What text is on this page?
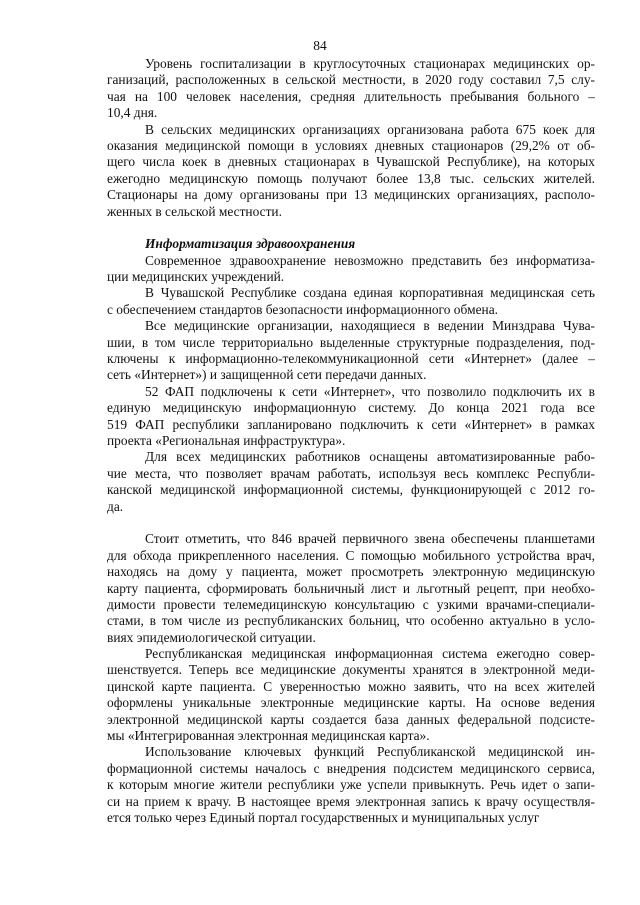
84
Уровень госпитализации в круглосуточных стационарах медицинских ор-
ганизаций, расположенных в сельской местности, в 2020 году составил 7,5 слу-
чая на 100 человек населения, средняя длительность пребывания больного –
10,4 дня.
В сельских медицинских организациях организована работа 675 коек для
оказания медицинской помощи в условиях дневных стационаров (29,2% от об-
щего числа коек в дневных стационарах в Чувашской Республике), на которых
ежегодно медицинскую помощь получают более 13,8 тыс. сельских жителей.
Стационары на дому организованы при 13 медицинских организациях, располо-
женных в сельской местности.
Информатизация здравоохранения
Современное здравоохранение невозможно представить без информатиза-
ции медицинских учреждений.
В Чувашской Республике создана единая корпоративная медицинская сеть
с обеспечением стандартов безопасности информационного обмена.
Все медицинские организации, находящиеся в ведении Минздрава Чува-
шии, в том числе территориально выделенные структурные подразделения, под-
ключены к информационно-телекоммуникационной сети «Интернет» (далее –
сеть «Интернет») и защищенной сети передачи данных.
52 ФАП подключены к сети «Интернет», что позволило подключить их в
единую медицинскую информационную систему. До конца 2021 года все
519 ФАП республики запланировано подключить к сети «Интернет» в рамках
проекта «Региональная инфраструктура».
Для всех медицинских работников оснащены автоматизированные рабо-
чие места, что позволяет врачам работать, используя весь комплекс Республи-
канской медицинской информационной системы, функционирующей с 2012 го-
да.
Стоит отметить, что 846 врачей первичного звена обеспечены планшетами
для обхода прикрепленного населения. С помощью мобильного устройства врач,
находясь на дому у пациента, может просмотреть электронную медицинскую
карту пациента, сформировать больничный лист и льготный рецепт, при необхо-
димости провести телемедицинскую консультацию с узкими врачами-специали-
стами, в том числе из республиканских больниц, что особенно актуально в усло-
виях эпидемиологической ситуации.
Республиканская медицинская информационная система ежегодно совер-
шенствуется. Теперь все медицинские документы хранятся в электронной меди-
цинской карте пациента. С уверенностью можно заявить, что на всех жителей
оформлены уникальные электронные медицинские карты. На основе ведения
электронной медицинской карты создается база данных федеральной подсисте-
мы «Интегрированная электронная медицинская карта».
Использование ключевых функций Республиканской медицинской ин-
формационной системы началось с внедрения подсистем медицинского сервиса,
к которым многие жители республики уже успели привыкнуть. Речь идет о запи-
си на прием к врачу. В настоящее время электронная запись к врачу осуществля-
ется только через Единый портал государственных и муниципальных услуг
